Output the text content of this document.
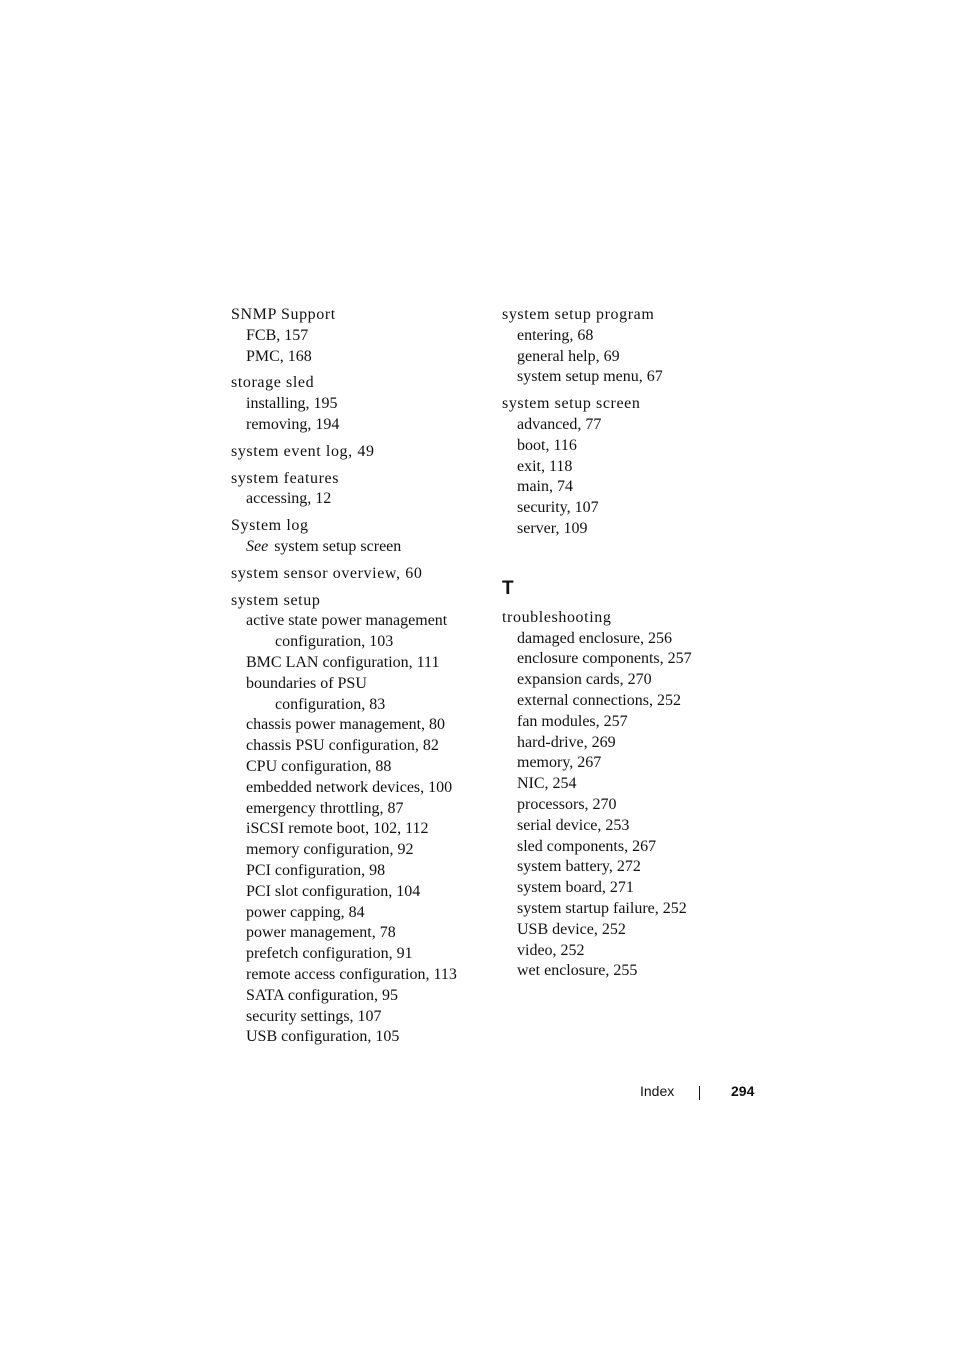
SNMP Support
FCB, 157
PMC, 168
storage sled
installing, 195
removing, 194
system event log, 49
system features
accessing, 12
System log
See system setup screen
system sensor overview, 60
system setup
active state power management
configuration, 103
BMC LAN configuration, 111
boundaries of PSU
configuration, 83
chassis power management, 80
chassis PSU configuration, 82
CPU configuration, 88
embedded network devices, 100
emergency throttling, 87
iSCSI remote boot, 102, 112
memory configuration, 92
PCI configuration, 98
PCI slot configuration, 104
power capping, 84
power management, 78
prefetch configuration, 91
remote access configuration, 113
SATA configuration, 95
security settings, 107
USB configuration, 105
system setup program
entering, 68
general help, 69
system setup menu, 67
system setup screen
advanced, 77
boot, 116
exit, 118
main, 74
security, 107
server, 109
T
troubleshooting
damaged enclosure, 256
enclosure components, 257
expansion cards, 270
external connections, 252
fan modules, 257
hard-drive, 269
memory, 267
NIC, 254
processors, 270
serial device, 253
sled components, 267
system battery, 272
system board, 271
system startup failure, 252
USB device, 252
video, 252
wet enclosure, 255
Index	294
